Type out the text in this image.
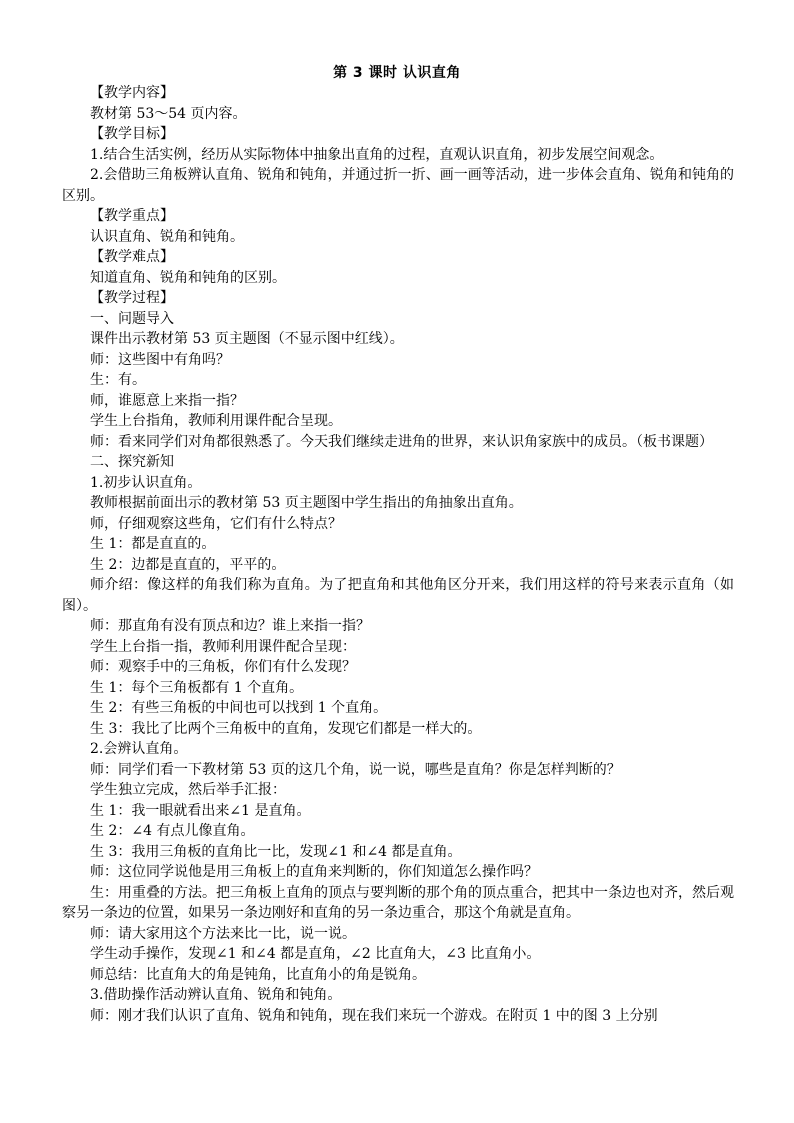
第 3 课时 认识直角

【教学内容】

教材第 53～54 页内容。

【教学目标】

1.结合生活实例，经历从实际物体中抽象出直角的过程，直观认识直角，初步发展空间观念。

2.会借助三角板辨认直角、锐角和钝角，并通过折一折、画一画等活动，进一步体会直角、锐角和钝角的区别。

【教学重点】

认识直角、锐角和钝角。

【教学难点】

知道直角、锐角和钝角的区别。

【教学过程】

一、问题导入

课件出示教材第 53 页主题图（不显示图中红线）。

师：这些图中有角吗？

生：有。

师，谁愿意上来指一指？

学生上台指角，教师利用课件配合呈现。

师：看来同学们对角都很熟悉了。今天我们继续走进角的世界，来认识角家族中的成员。（板书课题）

二、探究新知

1.初步认识直角。

教师根据前面出示的教材第 53 页主题图中学生指出的角抽象出直角。

师，仔细观察这些角，它们有什么特点？

生 1：都是直直的。

生 2：边都是直直的，平平的。

师介绍：像这样的角我们称为直角。为了把直角和其他角区分开来，我们用这样的符号来表示直角（如图）。

师：那直角有没有顶点和边？谁上来指一指？

学生上台指一指，教师利用课件配合呈现：

师：观察手中的三角板，你们有什么发现？

生 1：每个三角板都有 1 个直角。

生 2：有些三角板的中间也可以找到 1 个直角。

生 3：我比了比两个三角板中的直角，发现它们都是一样大的。

2.会辨认直角。

师：同学们看一下教材第 53 页的这几个角，说一说，哪些是直角？你是怎样判断的？

学生独立完成，然后举手汇报：

生 1：我一眼就看出来∠1 是直角。

生 2：∠4 有点儿像直角。

生 3：我用三角板的直角比一比，发现∠1 和∠4 都是直角。

师：这位同学说他是用三角板上的直角来判断的，你们知道怎么操作吗？

生：用重叠的方法。把三角板上直角的顶点与要判断的那个角的顶点重合，把其中一条边也对齐，然后观察另一条边的位置，如果另一条边刚好和直角的另一条边重合，那这个角就是直角。

师：请大家用这个方法来比一比，说一说。

学生动手操作，发现∠1 和∠4 都是直角，∠2 比直角大，∠3 比直角小。

师总结：比直角大的角是钝角，比直角小的角是锐角。

3.借助操作活动辨认直角、锐角和钝角。

师：刚才我们认识了直角、锐角和钝角，现在我们来玩一个游戏。在附页 1 中的图 3 上分别
